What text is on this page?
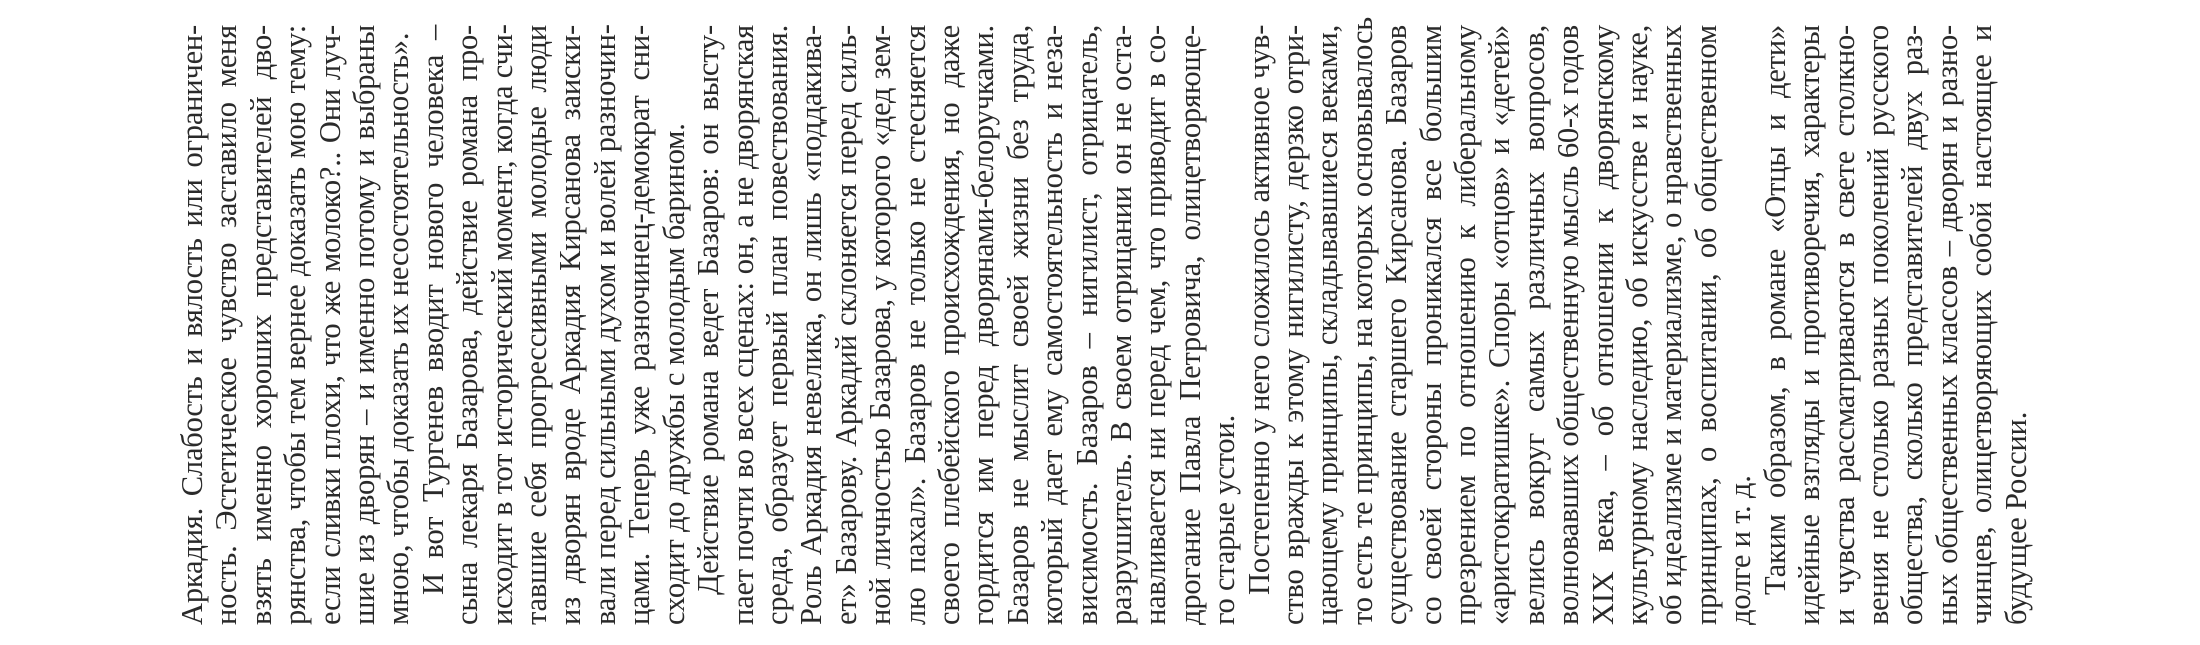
Аркадия. Слабость и вялость или ограничен- ность. Эстетическое чувство заставило меня взять именно хороших представителей дво- рянства, чтобы тем вернее доказать мою тему: если сливки плохи, что же молоко?.. Они луч- шие из дворян – и именно потому и выбраны мною, чтобы доказать их несостоятельность». И вот Тургенев вводит нового человека – сына лекаря Базарова, действие романа про- исходит в тот исторический момент, когда счи- тавшие себя прогрессивными молодые люди из дворян вроде Аркадия Кирсанова заиски- вали перед сильными духом и волей разночин- цами. Теперь уже разночинец-демократ сни- сходит до дружбы с молодым барином. Действие романа ведет Базаров: он высту- пает почти во всех сценах: он, а не дворянская среда, образует первый план повествования. Роль Аркадия невелика, он лишь «поддакива- ет» Базарову. Аркадий склоняется перед силь- ной личностью Базарова, у которого «дед зем- лю пахал». Базаров не только не стесняется своего плебейского происхождения, но даже гордится им перед дворянами-белоручками. Базаров не мыслит своей жизни без труда, который дает ему самостоятельность и неза- висимость. Базаров – нигилист, отрицатель, разрушитель. В своем отрицании он не оста- навливается ни перед чем, что приводит в со- дрогание Павла Петровича, олицетворяюще- го старые устои. Постепенно у него сложилось активное чув- ство вражды к этому нигилисту, дерзко отри- цающему принципы, складывавшиеся веками, то есть те принципы, на которых основывалось существование старшего Кирсанова. Базаров со своей стороны проникался все большим презрением по отношению к либеральному «аристократишке». Споры «отцов» и «детей» велись вокруг самых различных вопросов, волновавших общественную мысль 60-х годов XIX века, – об отношении к дворянскому культурному наследию, об искусстве и науке, об идеализме и материализме, о нравственных принципах, о воспитании, об общественном долге и т. д. Таким образом, в романе «Отцы и дети» идейные взгляды и противоречия, характеры и чувства рассматриваются в свете столкно- вения не столько разных поколений русского общества, сколько представителей двух раз- ных общественных классов – дворян и разно- чинцев, олицетворяющих собой настоящее и будущее России.
